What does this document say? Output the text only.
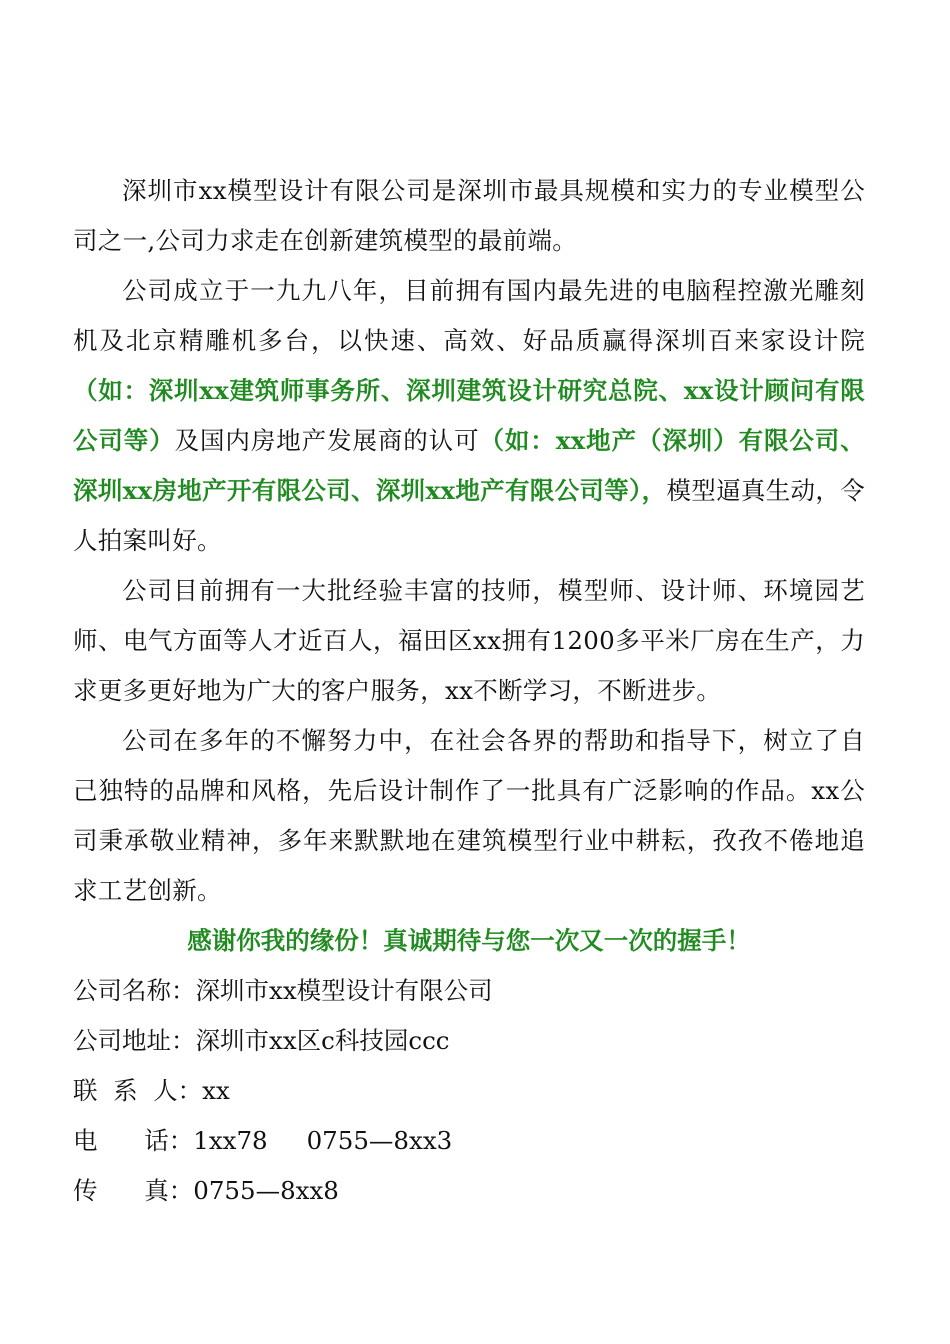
深圳市xx模型设计有限公司是深圳市最具规模和实力的专业模型公司之一,公司力求走在创新建筑模型的最前端。

公司成立于一九九八年，目前拥有国内最先进的电脑程控激光雕刻机及北京精雕机多台，以快速、高效、好品质赢得深圳百来家设计院（如：深圳xx建筑师事务所、深圳建筑设计研究总院、xx设计顾问有限公司等）及国内房地产发展商的认可（如：xx地产（深圳）有限公司、深圳xx房地产开有限公司、深圳xx地产有限公司等），模型逼真生动，令人拍案叫好。

公司目前拥有一大批经验丰富的技师，模型师、设计师、环境园艺师、电气方面等人才近百人，福田区xx拥有1200多平米厂房在生产，力求更多更好地为广大的客户服务，xx不断学习，不断进步。

公司在多年的不懈努力中，在社会各界的帮助和指导下，树立了自己独特的品牌和风格，先后设计制作了一批具有广泛影响的作品。xx公司秉承敬业精神，多年来默默地在建筑模型行业中耕耘，孜孜不倦地追求工艺创新。

感谢你我的缘份！真诚期待与您一次又一次的握手！

公司名称：深圳市xx模型设计有限公司

公司地址：深圳市xx区c科技园ccc

联  系  人：xx

电      话：1xx78     0755—8xx3

传      真：0755—8xx8
